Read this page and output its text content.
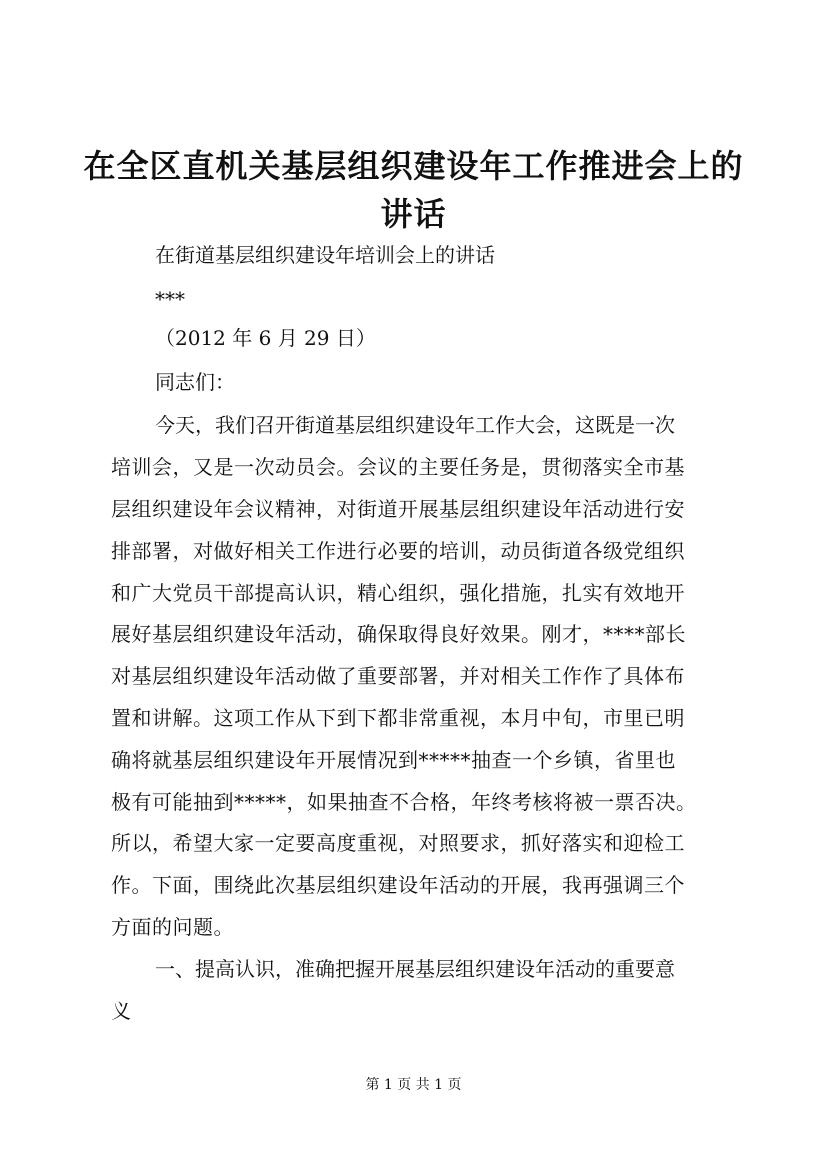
在全区直机关基层组织建设年工作推进会上的
讲话
在街道基层组织建设年培训会上的讲话
***
（2012 年 6 月 29 日）
同志们：
今天，我们召开街道基层组织建设年工作大会，这既是一次
培训会，又是一次动员会。会议的主要任务是，贯彻落实全市基
层组织建设年会议精神，对街道开展基层组织建设年活动进行安
排部署，对做好相关工作进行必要的培训，动员街道各级党组织
和广大党员干部提高认识，精心组织，强化措施，扎实有效地开
展好基层组织建设年活动，确保取得良好效果。刚才，****部长
对基层组织建设年活动做了重要部署，并对相关工作作了具体布
置和讲解。这项工作从下到下都非常重视，本月中旬，市里已明
确将就基层组织建设年开展情况到*****抽查一个乡镇，省里也
极有可能抽到*****，如果抽查不合格，年终考核将被一票否决。
所以，希望大家一定要高度重视，对照要求，抓好落实和迎检工
作。下面，围绕此次基层组织建设年活动的开展，我再强调三个
方面的问题。
一、提高认识，准确把握开展基层组织建设年活动的重要意
义
第 1 页 共 1 页
